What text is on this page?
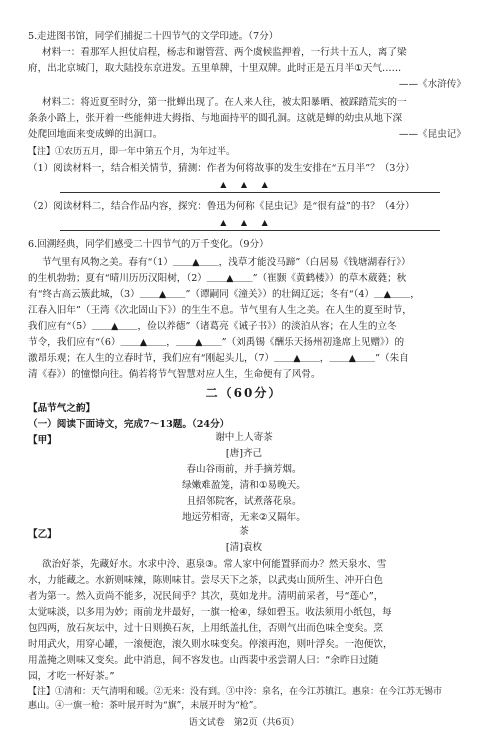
5.走进图书馆，同学们捕捉二十四节气的文学印迹。（7分）
材料一：看那军人担仗启程，杨志和谢管营、两个虞候监押着，一行共十五人，离了梁
府，出北京城门，取大陆投东京进发。五里单牌，十里双牌。此时正是五月半①天气……
——《水浒传》
材料二：将近夏至时分，第一批蝉出现了。在人来人往，被太阳暴晒、被踩踏荒实的一
条条小路上，张开着一些能伸进大拇指、与地面持平的圆孔洞。这就是蝉的幼虫从地下深
处爬回地面来变成蝉的出洞口。	——《昆虫记》
【注】①农历五月，即一年中第五个月，为年过半。
（1）阅读材料一，结合相关情节，猜测：作者为何将故事的发生安排在“五月半”？（3分）
▲ ▲ ▲
（2）阅读材料二，结合作品内容，探究：鲁迅为何称《昆虫记》是“很有益”的书？（4分）
▲ ▲ ▲
6.回溯经典，同学们感受二十四节气的万千变化。（9分）
节气里有风物之美。春有“（1）＿＿▲＿＿，浅草才能没马蹄”（白居易《钱塘湖春行》）
的生机勃勃；夏有“晴川历历汉阳树，（2）＿＿▲＿＿”（崔颢《黄鹤楼》）的草木葳蕤；秋
有“终古高云簇此城，（3）＿＿▲＿＿”（谭嗣同《潼关》）的壮阔辽远；冬有“（4）＿▲＿＿，
江春入旧年”（王湾《次北固山下》）的生生不息。节气里有人生之美。在人生的夏至时节，
我们应有“（5）＿＿▲＿＿，俭以养德”（诸葛亮《诫子书》）的淡泊从容；在人生的立冬
节令，我们应有“（6）＿＿▲＿＿，＿＿▲＿＿”（刘禹锡《酬乐天扬州初逢席上见赠》）的
激昂乐观；在人生的立春时节，我们应有“刚起头儿，（7）＿＿▲＿＿，＿＿▲＿＿”（朱自
清《春》）的憧憬向往。倘若将节气智慧对应人生，生命便有了风骨。
二（60分）
【品节气之韵】
（一）阅读下面诗文，完成7～13题。（24分）
【甲】	谢中上人寄茶
[唐]齐己
春山谷雨前，并手摘芳烟。
绿嫩难盈笼，清和①易晚天。
且招邻院客，试煮落花泉。
地远劳相寄，无来②又隔年。
【乙】	茶
[清]袁枚
欲治好茶，先藏好水。水求中泠、惠泉③。常人家中何能置驿而办？然天泉水、雪
水，力能藏之。水新则味辣，陈则味甘。尝尽天下之茶，以武夷山顶所生、冲开白色
者为第一。然入贡尚不能多，况民间乎？其次，莫如龙井。清明前采者，号“莲心”，
太觉味淡，以多用为妙；雨前龙井最好，一旗一枪④，绿如碧玉。收法须用小纸包，每
包四两，放石灰坛中，过十日则换石灰，上用纸盖扎住，否则气出而色味全变矣。烹
时用武火，用穿心罐，一滚便泡，滚久则水味变矣。停滚再泡，则叶浮矣。一泡便饮，
用盖掩之则味又变矣。此中消息，间不容发也。山西裴中丞尝谓人曰：“余昨日过随
园，才吃一杯好茶。”
【注】①清和：天气清明和暖。②无来：没有到。③中泠：泉名，在今江苏镇江。惠泉：在今江苏无锡市
惠山。④一旗一枪：茶叶展开时为“旗”，未展开时为“枪”。
语文试卷　第2页（共6页）
